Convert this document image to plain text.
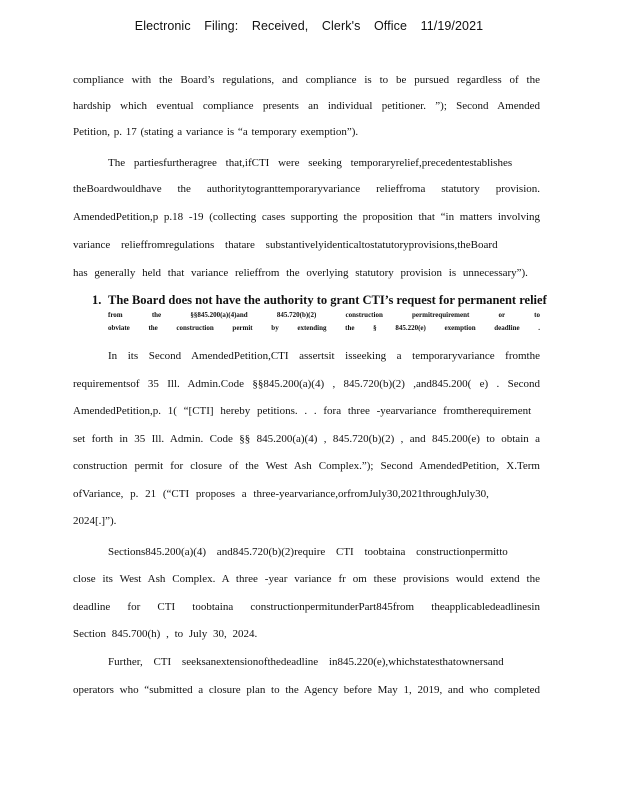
Electronic Filing: Received, Clerk's Office 11/19/2021
compliance with the Board’s regulations, and compliance is to be pursued regardless of the
hardship which eventual compliance presents an individual petitioner. ”); Second Amended
Petition, p. 17 (stating a variance is “a temporary exemption”).
The partiesfurtheragree that,ifCTI were seeking temporaryrelief,precedentestablishes
theBoardwouldhave the authoritytogranttemporaryvariance relieffroma statutory provision.
AmendedPetition,p p.18 -19 (collecting cases supporting the proposition that “in matters involving
variance relieffromregulations thatare substantivelyidenticaltostatutoryprovisions,theBoard
has generally held that variance relieffrom the overlying statutory provision is unnecessary”).
1. The Board does not have the authority to grant CTI’s request for permanent relief
from the §§845.200(a)(4)and 845.720(b)(2) construction permitrequirement or to
obviate the construction permit by extending the § 845.220(e) exemption deadline .
In its Second AmendedPetition,CTI assertsit isseeking a temporaryvariance fromthe
requirementsof 35 Ill. Admin.Code §§845.200(a)(4) , 845.720(b)(2) ,and845.200( e) . Second
AmendedPetition,p. 1( “[CTI] hereby petitions. . . fora three -yearvariance fromtherequirement
set forth in 35 Ill. Admin. Code §§ 845.200(a)(4) , 845.720(b)(2) , and 845.200(e) to obtain a
construction permit for closure of the West Ash Complex.”); Second AmendedPetition, X.Term
ofVariance, p. 21 (“CTI proposes a three-yearvariance,orfromJuly30,2021throughJuly30,
2024[.]”).
Sections845.200(a)(4) and845.720(b)(2)require CTI toobtaina constructionpermitto
close its West Ash Complex. A three -year variance fr om these provisions would extend the
deadline for CTI toobtaina constructionpermitunderPart845from theapplicabledeadlinesin
Section 845.700(h) , to July 30, 2024.
Further, CTI seeksanextensionofthedeadline in845.220(e),whichstatesthatownersand
operators who “submitted a closure plan to the Agency before May 1, 2019, and who completed
